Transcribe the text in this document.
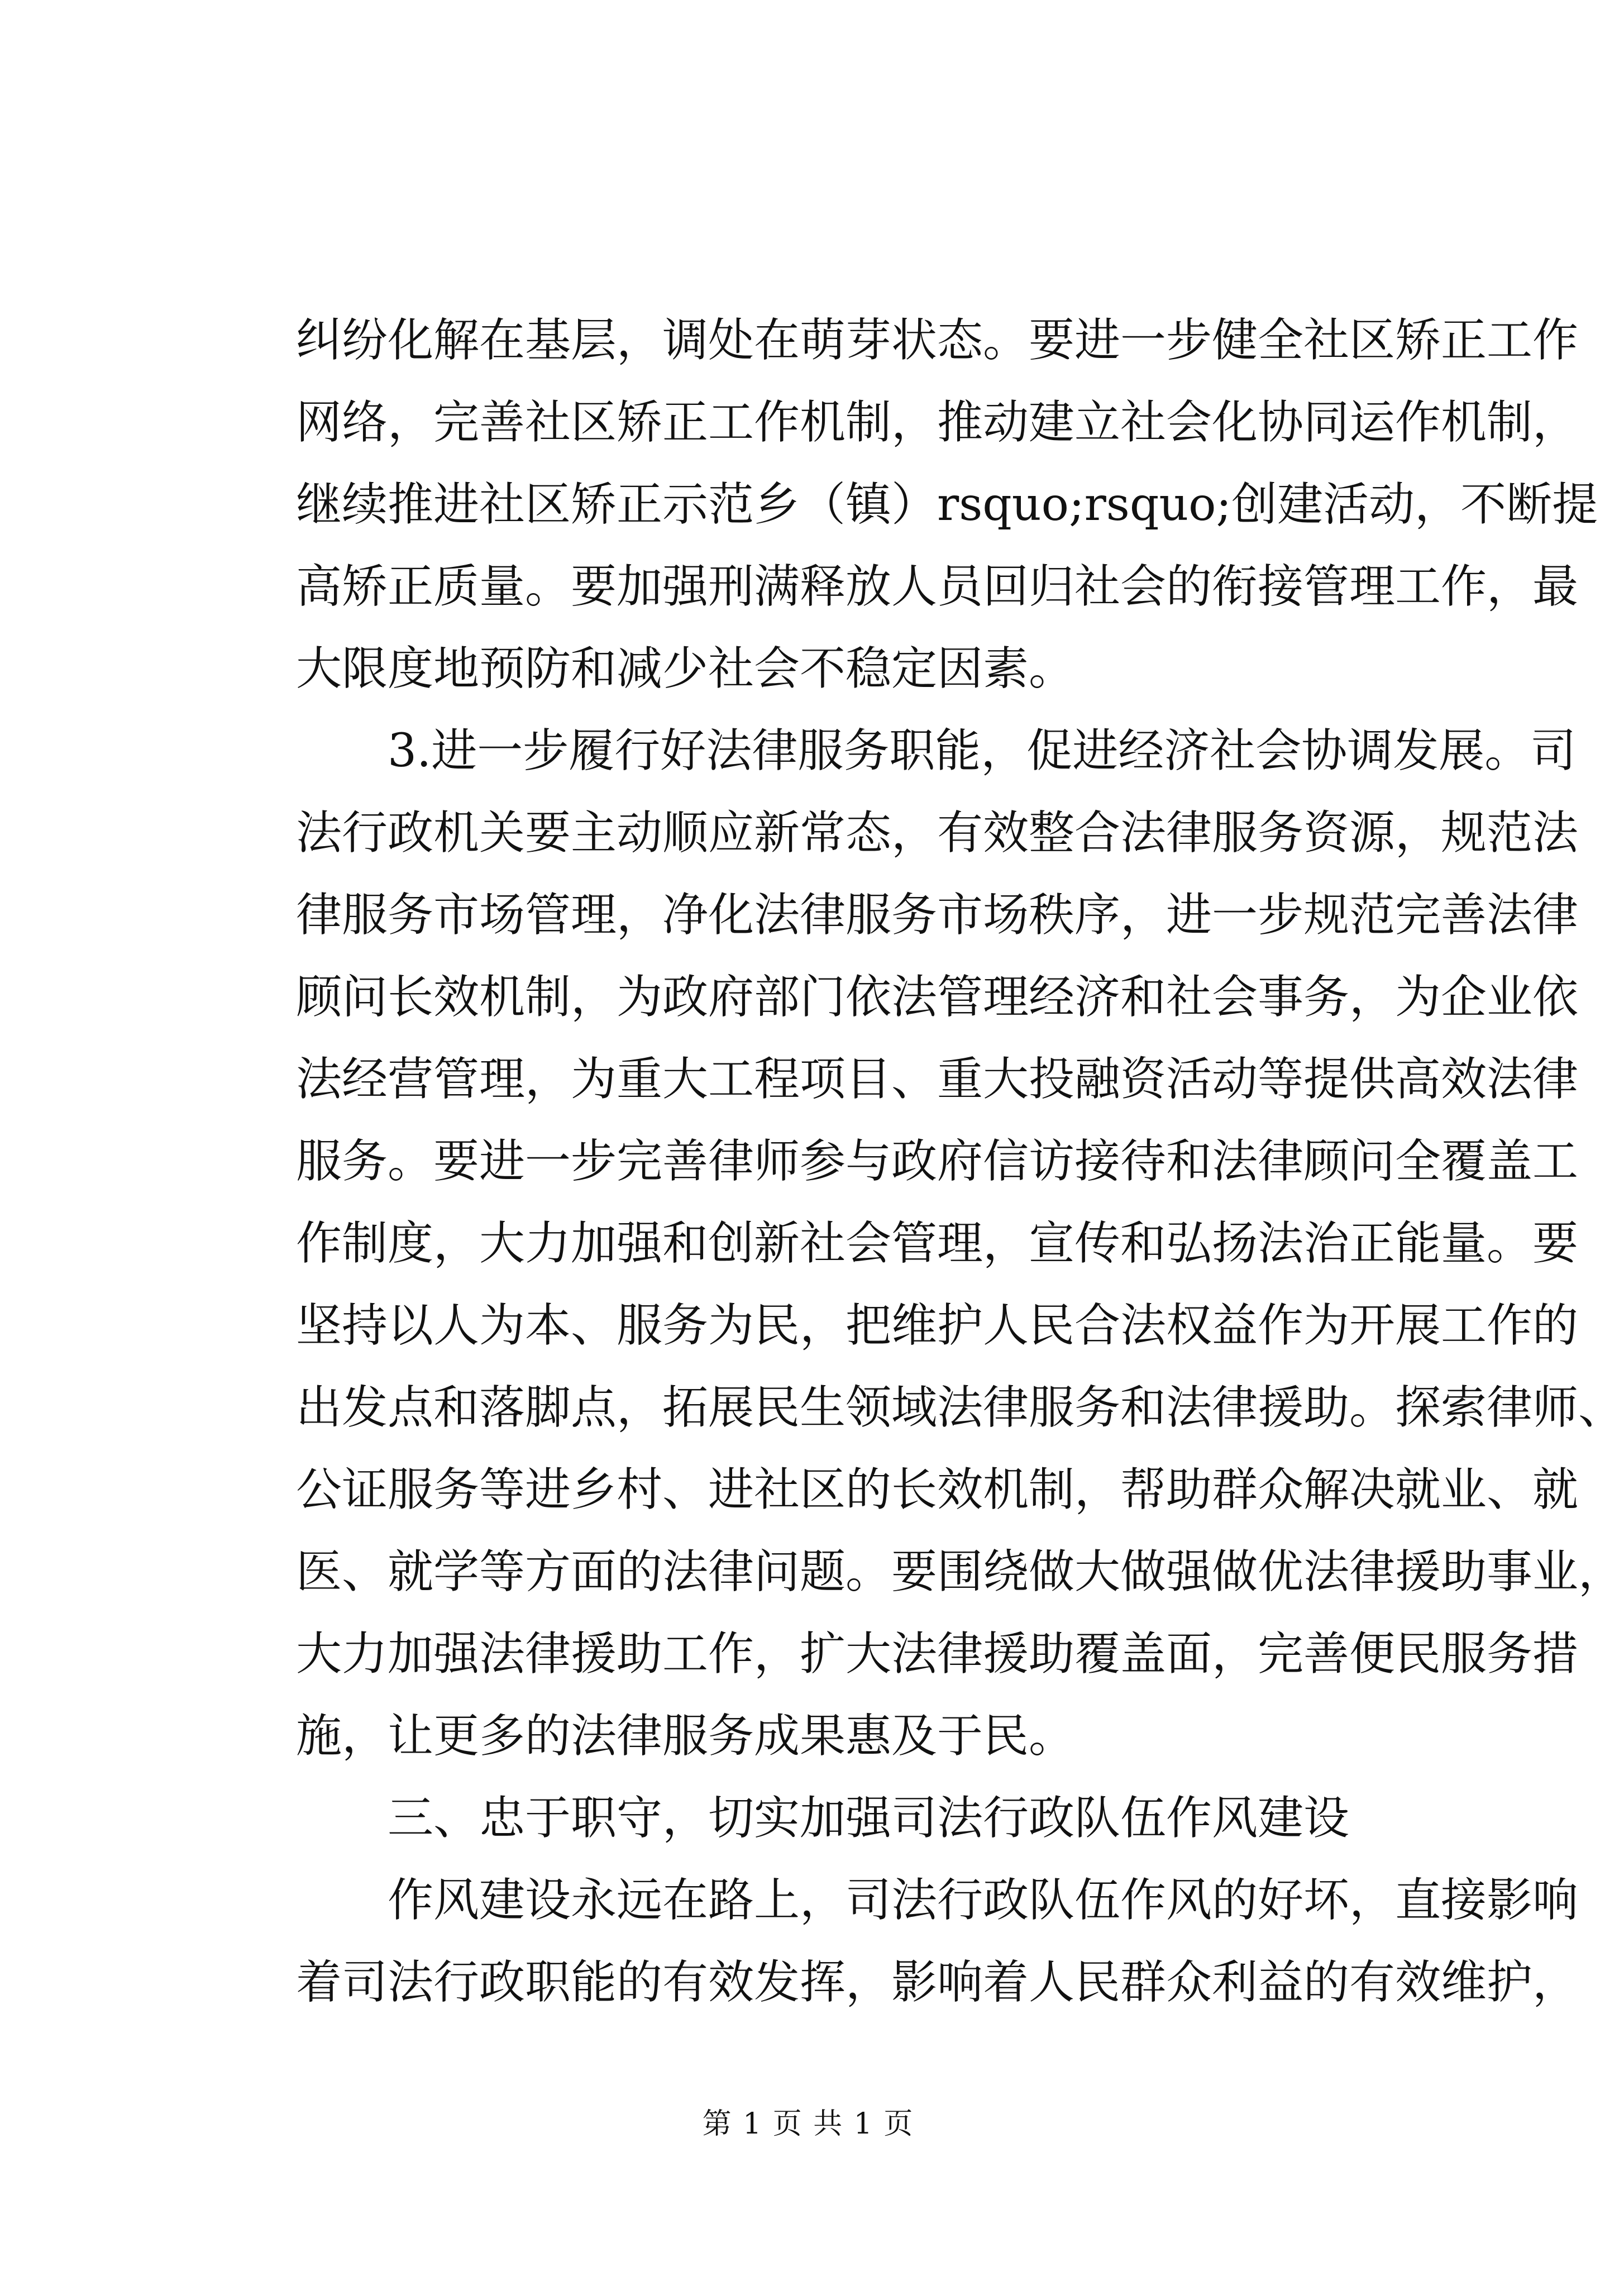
纠纷化解在基层，调处在萌芽状态。要进一步健全社区矫正工作
网络，完善社区矫正工作机制，推动建立社会化协同运作机制，
继续推进社区矫正示范乡（镇）rsquo;rsquo;创建活动，不断提
高矫正质量。要加强刑满释放人员回归社会的衔接管理工作，最
大限度地预防和减少社会不稳定因素。
3.进一步履行好法律服务职能，促进经济社会协调发展。司
法行政机关要主动顺应新常态，有效整合法律服务资源，规范法
律服务市场管理，净化法律服务市场秩序，进一步规范完善法律
顾问长效机制，为政府部门依法管理经济和社会事务，为企业依
法经营管理，为重大工程项目、重大投融资活动等提供高效法律
服务。要进一步完善律师参与政府信访接待和法律顾问全覆盖工
作制度，大力加强和创新社会管理，宣传和弘扬法治正能量。要
坚持以人为本、服务为民，把维护人民合法权益作为开展工作的
出发点和落脚点，拓展民生领域法律服务和法律援助。探索律师、
公证服务等进乡村、进社区的长效机制，帮助群众解决就业、就
医、就学等方面的法律问题。要围绕做大做强做优法律援助事业，
大力加强法律援助工作，扩大法律援助覆盖面，完善便民服务措
施，让更多的法律服务成果惠及于民。
三、忠于职守，切实加强司法行政队伍作风建设
作风建设永远在路上，司法行政队伍作风的好坏，直接影响
着司法行政职能的有效发挥，影响着人民群众利益的有效维护，
第 1 页 共 1 页
